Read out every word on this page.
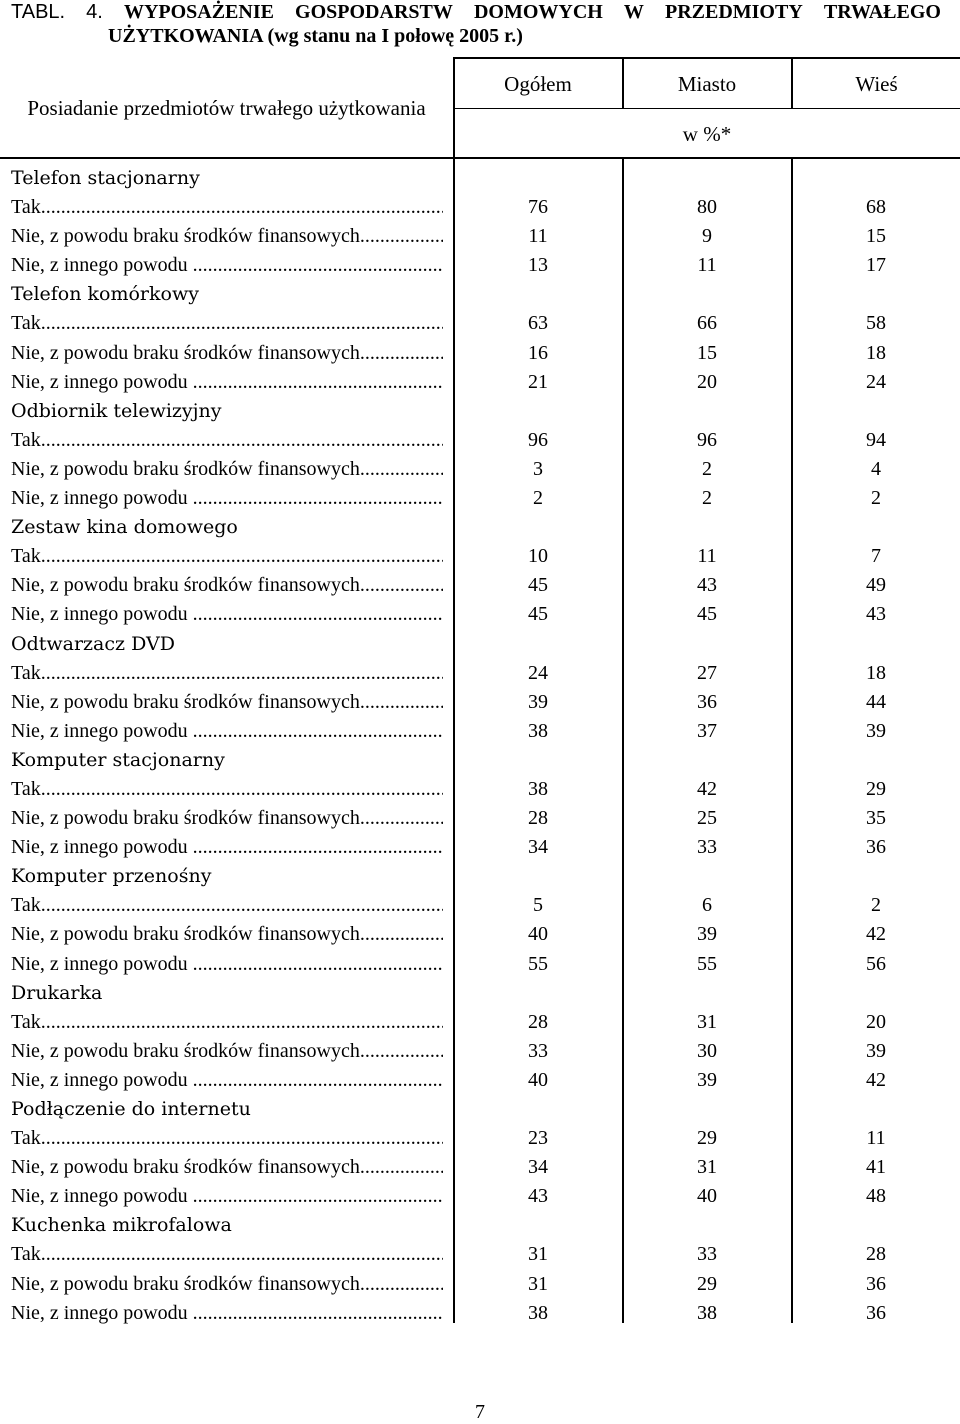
TABL. 4. WYPOSAŻENIE GOSPODARSTW DOMOWYCH W PRZEDMIOTY TRWAŁEGO
UŻYTKOWANIA (wg stanu na I połowę 2005 r.)
Posiadanie przedmiotów trwałego użytkowania
Ogółem	Miasto	Wieś
w %*
Telefon stacjonarny
Tak .....	76	80	68
Nie, z powodu braku środków finansowych .....	11	9	15
Nie, z innego powodu .....	13	11	17
Telefon komórkowy
Tak .....	63	66	58
Nie, z powodu braku środków finansowych .....	16	15	18
Nie, z innego powodu .....	21	20	24
Odbiornik telewizyjny
Tak .....	96	96	94
Nie, z powodu braku środków finansowych .....	3	2	4
Nie, z innego powodu .....	2	2	2
Zestaw kina domowego
Tak .....	10	11	7
Nie, z powodu braku środków finansowych .....	45	43	49
Nie, z innego powodu .....	45	45	43
Odtwarzacz DVD
Tak .....	24	27	18
Nie, z powodu braku środków finansowych .....	39	36	44
Nie, z innego powodu .....	38	37	39
Komputer stacjonarny
Tak .....	38	42	29
Nie, z powodu braku środków finansowych .....	28	25	35
Nie, z innego powodu .....	34	33	36
Komputer przenośny
Tak .....	5	6	2
Nie, z powodu braku środków finansowych .....	40	39	42
Nie, z innego powodu .....	55	55	56
Drukarka
Tak .....	28	31	20
Nie, z powodu braku środków finansowych .....	33	30	39
Nie, z innego powodu .....	40	39	42
Podłączenie do internetu
Tak .....	23	29	11
Nie, z powodu braku środków finansowych .....	34	31	41
Nie, z innego powodu .....	43	40	48
Kuchenka mikrofalowa
Tak .....	31	33	28
Nie, z powodu braku środków finansowych .....	31	29	36
Nie, z innego powodu .....	38	38	36
7
